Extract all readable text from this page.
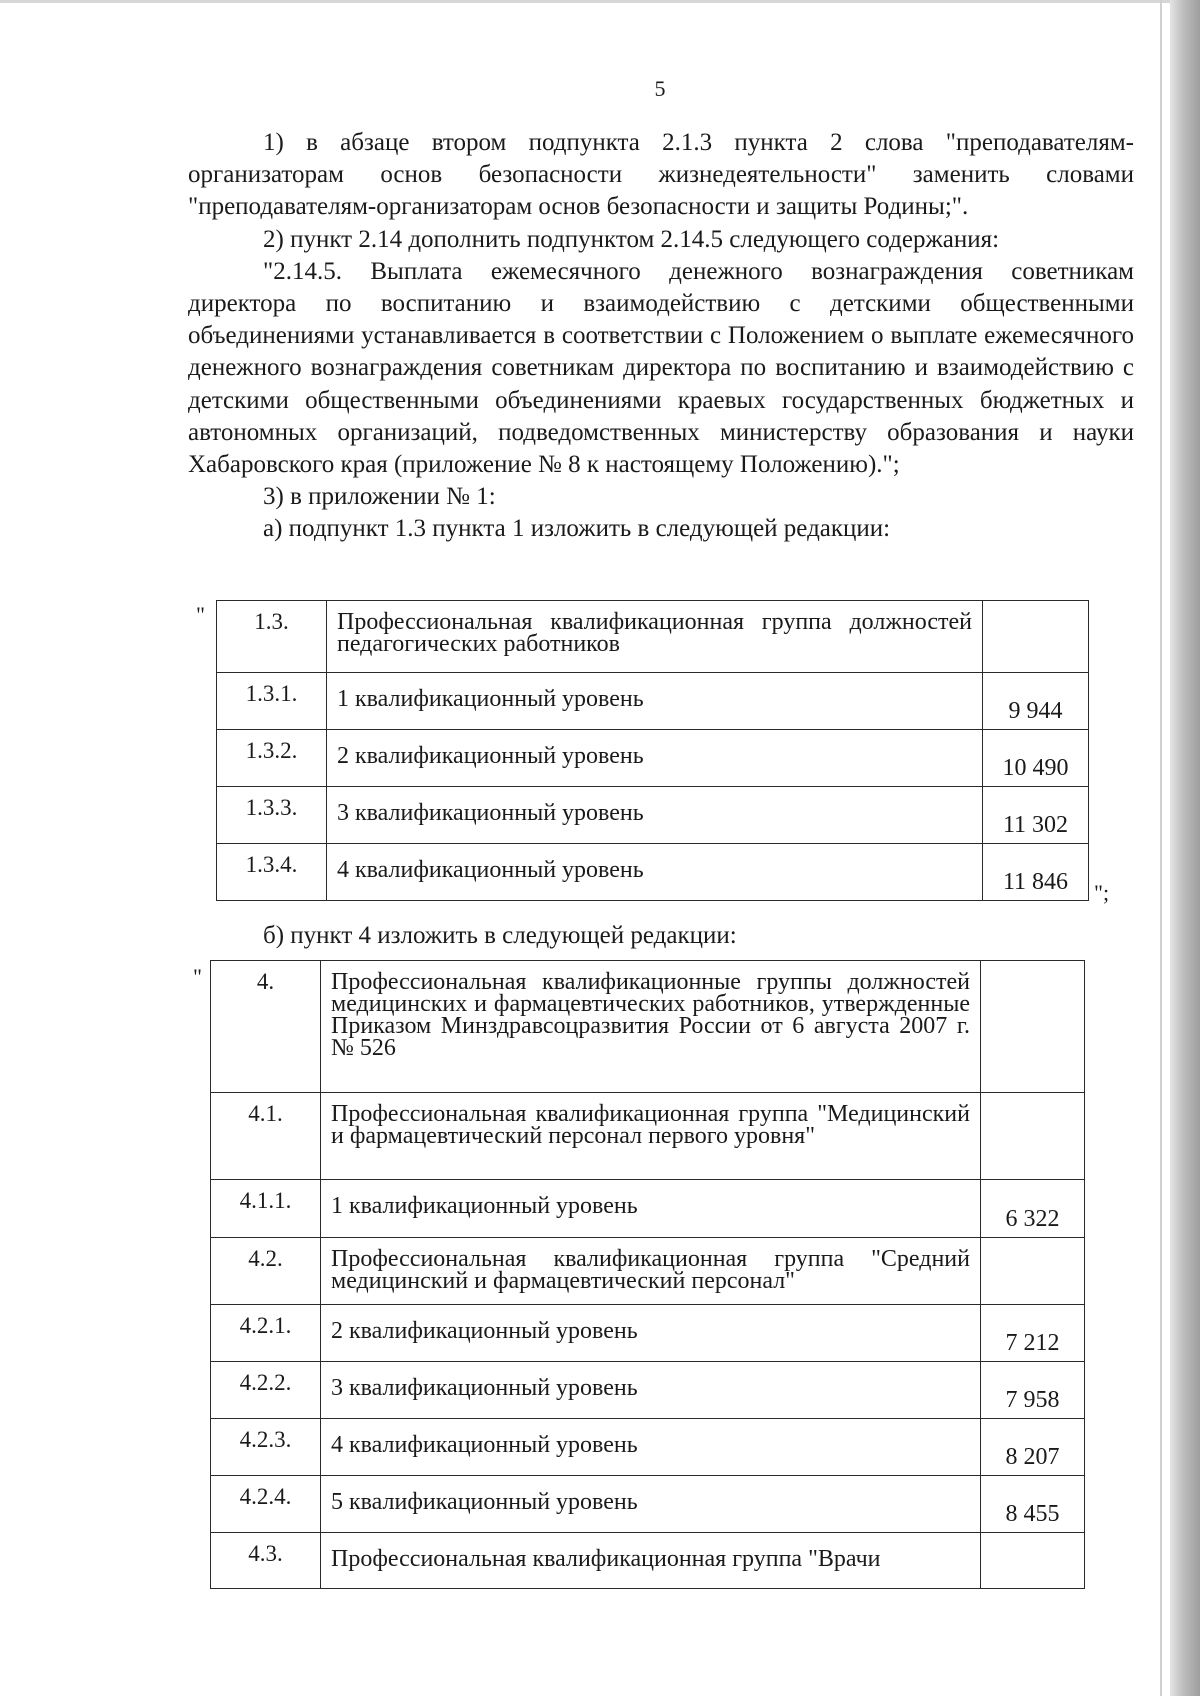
5

1) в абзаце втором подпункта 2.1.3 пункта 2 слова "преподавателям-организаторам основ безопасности жизнедеятельности" заменить словами "преподавателям-организаторам основ безопасности и защиты Родины;".

2) пункт 2.14 дополнить подпунктом 2.14.5 следующего содержания:

"2.14.5. Выплата ежемесячного денежного вознаграждения советникам директора по воспитанию и взаимодействию с детскими общественными объединениями устанавливается в соответствии с Положением о выплате ежемесячного денежного вознаграждения советникам директора по воспитанию и взаимодействию с детскими общественными объединениями краевых государственных бюджетных и автономных организаций, подведомственных министерству образования и науки Хабаровского края (приложение № 8 к настоящему Положению).";

3) в приложении № 1:

а) подпункт 1.3 пункта 1 изложить в следующей редакции:

" 1.3.	Профессиональная квалификационная группа должностей педагогических работников	
1.3.1.	1 квалификационный уровень	9 944
1.3.2.	2 квалификационный уровень	10 490
1.3.3.	3 квалификационный уровень	11 302
1.3.4.	4 квалификационный уровень	11 846 ";

б) пункт 4 изложить в следующей редакции:

" 4.	Профессиональная квалификационные группы должностей медицинских и фармацевтических работников, утвержденные Приказом Минздравсоцразвития России от 6 августа 2007 г. № 526	
4.1.	Профессиональная квалификационная группа "Медицинский и фармацевтический персонал первого уровня"	
4.1.1.	1 квалификационный уровень	6 322
4.2.	Профессиональная квалификационная группа "Средний медицинский и фармацевтический персонал"	
4.2.1.	2 квалификационный уровень	7 212
4.2.2.	3 квалификационный уровень	7 958
4.2.3.	4 квалификационный уровень	8 207
4.2.4.	5 квалификационный уровень	8 455
4.3.	Профессиональная квалификационная группа "Врачи	
